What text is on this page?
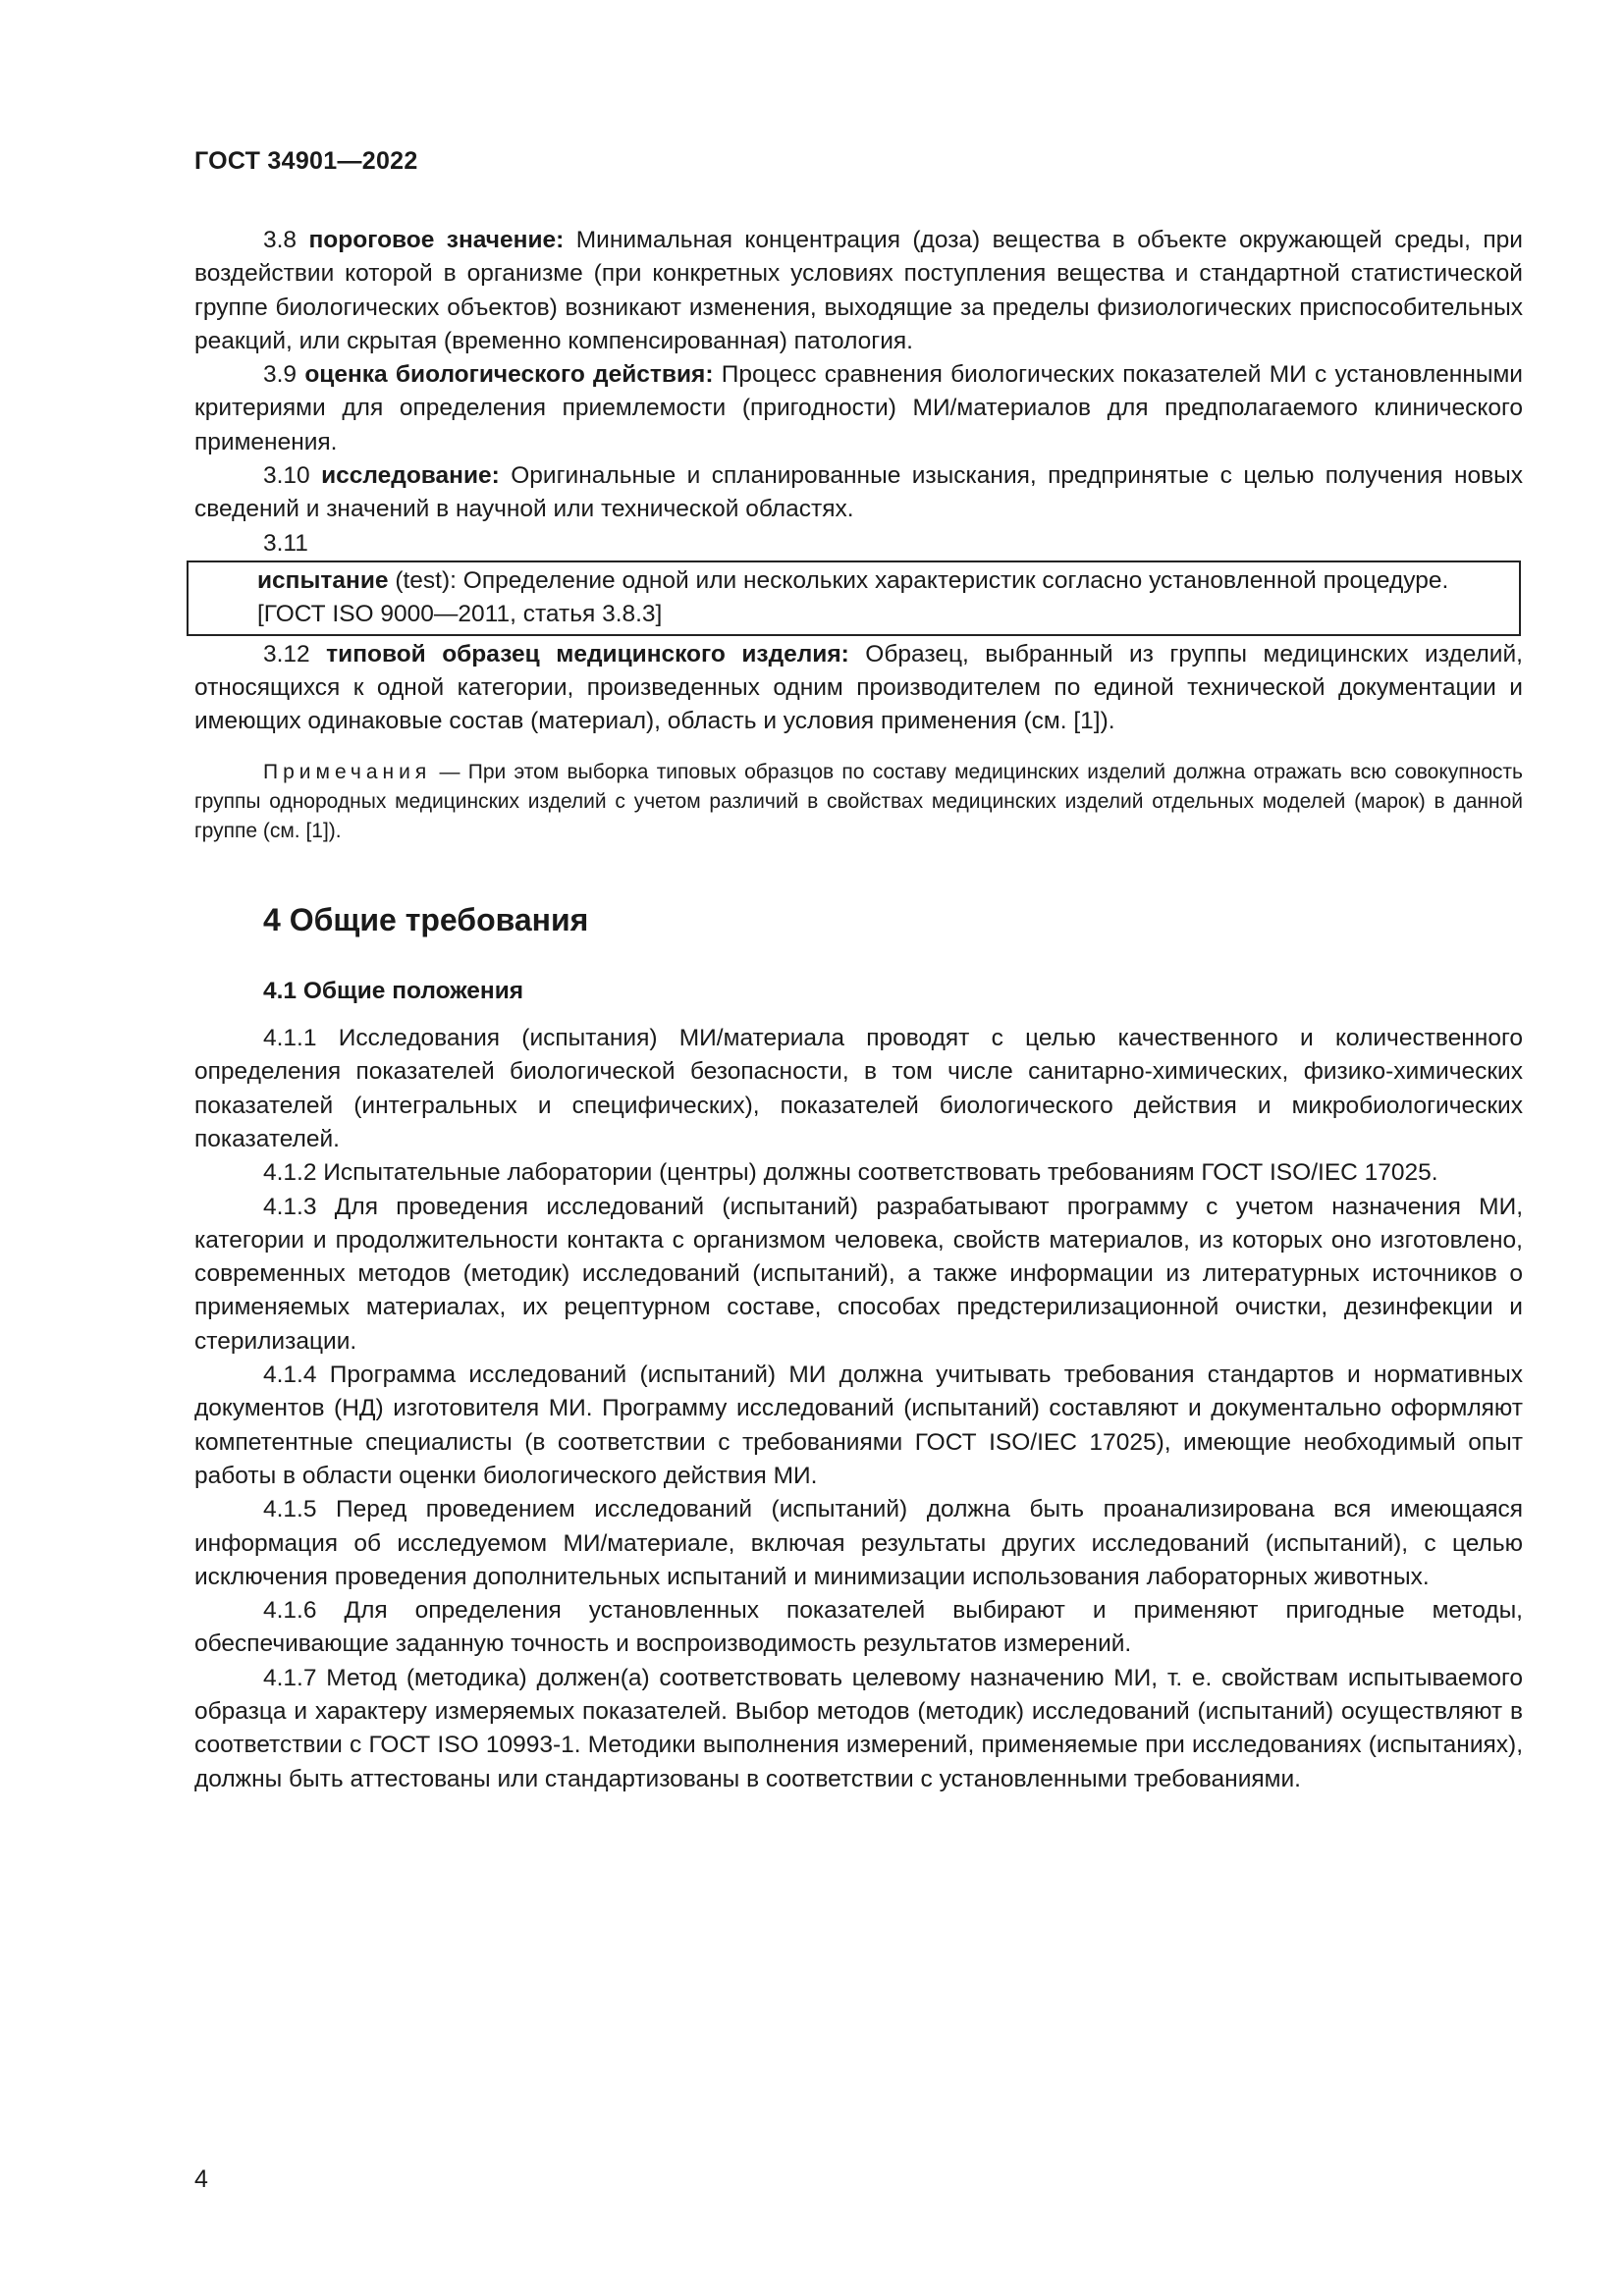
ГОСТ 34901—2022

3.8 пороговое значение: Минимальная концентрация (доза) вещества в объекте окружающей среды, при воздействии которой в организме (при конкретных условиях поступления вещества и стандартной статистической группе биологических объектов) возникают изменения, выходящие за пределы физиологических приспособительных реакций, или скрытая (временно компенсированная) патология.

3.9 оценка биологического действия: Процесс сравнения биологических показателей МИ с установленными критериями для определения приемлемости (пригодности) МИ/материалов для предполагаемого клинического применения.

3.10 исследование: Оригинальные и спланированные изыскания, предпринятые с целью получения новых сведений и значений в научной или технической областях.

3.11

испытание (test): Определение одной или нескольких характеристик согласно установленной процедуре.

[ГОСТ ISO 9000—2011, статья 3.8.3]

3.12 типовой образец медицинского изделия: Образец, выбранный из группы медицинских изделий, относящихся к одной категории, произведенных одним производителем по единой технической документации и имеющих одинаковые состав (материал), область и условия применения (см. [1]).

Примечания — При этом выборка типовых образцов по составу медицинских изделий должна отражать всю совокупность группы однородных медицинских изделий с учетом различий в свойствах медицинских изделий отдельных моделей (марок) в данной группе (см. [1]).

4 Общие требования

4.1 Общие положения

4.1.1 Исследования (испытания) МИ/материала проводят с целью качественного и количественного определения показателей биологической безопасности, в том числе санитарно-химических, физико-химических показателей (интегральных и специфических), показателей биологического действия и микробиологических показателей.

4.1.2 Испытательные лаборатории (центры) должны соответствовать требованиям ГОСТ ISO/IEC 17025.

4.1.3 Для проведения исследований (испытаний) разрабатывают программу с учетом назначения МИ, категории и продолжительности контакта с организмом человека, свойств материалов, из которых оно изготовлено, современных методов (методик) исследований (испытаний), а также информации из литературных источников о применяемых материалах, их рецептурном составе, способах предстерилизационной очистки, дезинфекции и стерилизации.

4.1.4 Программа исследований (испытаний) МИ должна учитывать требования стандартов и нормативных документов (НД) изготовителя МИ. Программу исследований (испытаний) составляют и документально оформляют компетентные специалисты (в соответствии с требованиями ГОСТ ISO/IEC 17025), имеющие необходимый опыт работы в области оценки биологического действия МИ.

4.1.5 Перед проведением исследований (испытаний) должна быть проанализирована вся имеющаяся информация об исследуемом МИ/материале, включая результаты других исследований (испытаний), с целью исключения проведения дополнительных испытаний и минимизации использования лабораторных животных.

4.1.6 Для определения установленных показателей выбирают и применяют пригодные методы, обеспечивающие заданную точность и воспроизводимость результатов измерений.

4.1.7 Метод (методика) должен(а) соответствовать целевому назначению МИ, т. е. свойствам испытываемого образца и характеру измеряемых показателей. Выбор методов (методик) исследований (испытаний) осуществляют в соответствии с ГОСТ ISO 10993-1. Методики выполнения измерений, применяемые при исследованиях (испытаниях), должны быть аттестованы или стандартизованы в соответствии с установленными требованиями.

4
